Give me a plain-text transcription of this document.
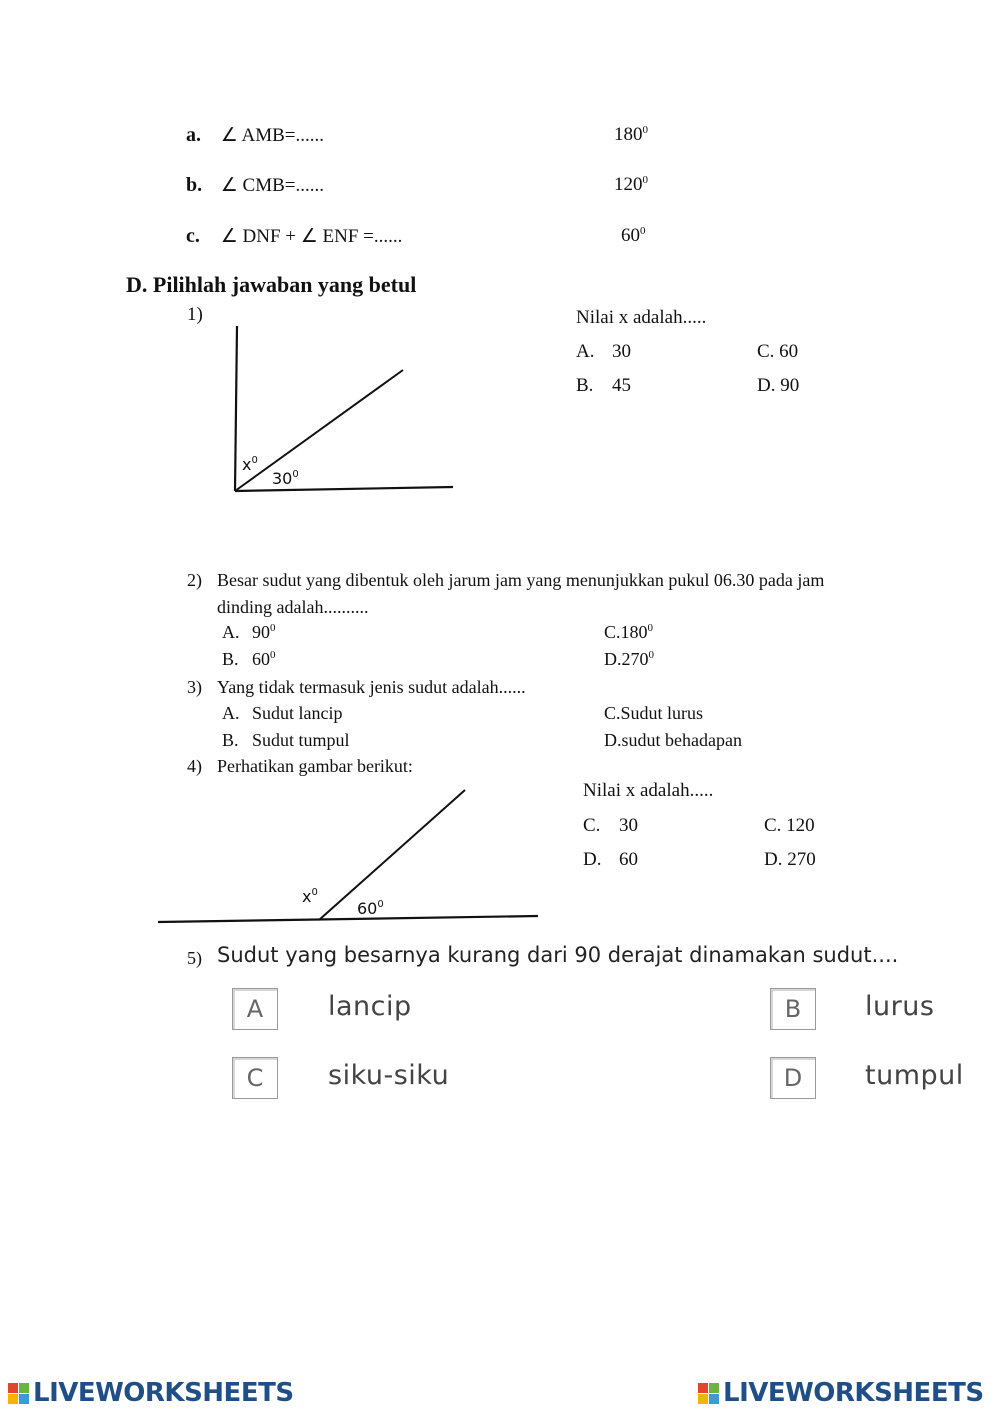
a. ∠ AMB=......	$180^0$
b. ∠ CMB=......	$120^0$
c. ∠ DNF + ∠ ENF =......	$60^0$
D. Pilihlah jawaban yang betul
1)
$x^0$
$30^0$
Nilai x adalah.....
A. 30	C. 60
B. 45	D. 90
2) Besar sudut yang dibentuk oleh jarum jam yang menunjukkan pukul 06.30 pada jam
dinding adalah..........
A. $90^0$	C.180$^0$
B. $60^0$	D.270$^0$
3) Yang tidak termasuk jenis sudut adalah......
A. Sudut lancip	C.Sudut lurus
B. Sudut tumpul	D.sudut behadapan
4) Perhatikan gambar berikut:
$x^0$
$60^0$
Nilai x adalah.....
C. 30	C. 120
D. 60	D. 270
5) Sudut yang besarnya kurang dari 90 derajat dinamakan sudut....
A	lancip	B	lurus
C	siku-siku	D	tumpul
LIVEWORKSHEETS	LIVEWORKSHEETS
